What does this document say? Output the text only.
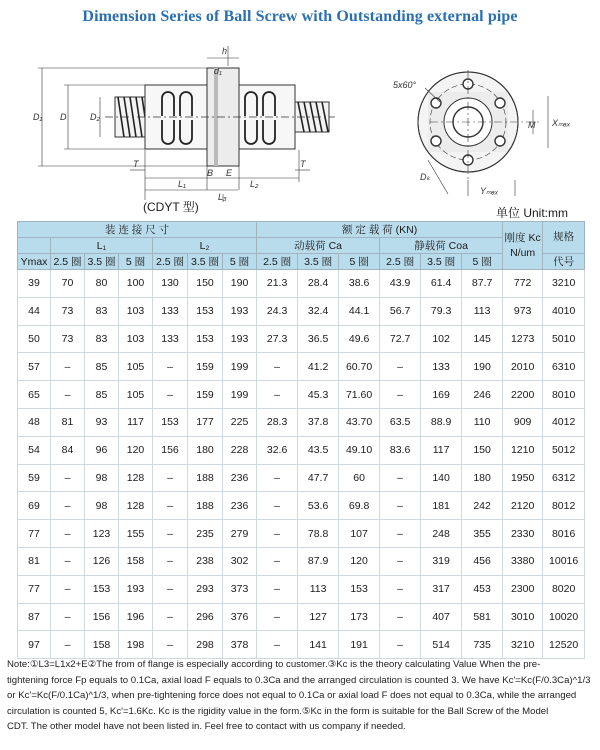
Dimension Series of Ball Screw with Outstanding external pipe
D₁ D	D₂
h
d₁
T	T
B E
L₁	L₂
L₃
5x60°
Xₘₐₓ
M
Dₖ
Yₘₐₓ
(CDYT 型)	单位 Unit:mm
装 连 接 尺 寸							额 定 载 荷 (KN)						刚度 Kc N/um	规格
	L₁			L₂			动载荷 Ca			静载荷 Coa				
Ymax	2.5 圈	3.5 圈	5 圈	2.5 圈	3.5 圈	5 圈	2.5 圈	3.5 圈	5 圈	2.5 圈	3.5 圈	5 圈		代号
39	70	80	100	130	150	190	21.3	28.4	38.6	43.9	61.4	87.7	772	3210
44	73	83	103	133	153	193	24.3	32.4	44.1	56.7	79.3	113	973	4010
50	73	83	103	133	153	193	27.3	36.5	49.6	72.7	102	145	1273	5010
57	–	85	105	–	159	199	–	41.2	60.70	–	133	190	2010	6310
65	–	85	105	–	159	199	–	45.3	71.60	–	169	246	2200	8010
48	81	93	117	153	177	225	28.3	37.8	43.70	63.5	88.9	110	909	4012
54	84	96	120	156	180	228	32.6	43.5	49.10	83.6	117	150	1210	5012
59	–	98	128	–	188	236	–	47.7	60	–	140	180	1950	6312
69	–	98	128	–	188	236	–	53.6	69.8	–	181	242	2120	8012
77	–	123	155	–	235	279	–	78.8	107	–	248	355	2330	8016
81	–	126	158	–	238	302	–	87.9	120	–	319	456	3380	10016
77	–	153	193	–	293	373	–	113	153	–	317	453	2300	8020
87	–	156	196	–	296	376	–	127	173	–	407	581	3010	10020
97	–	158	198	–	298	378	–	141	191	–	514	735	3210	12520
Note:①L3=L1x2+E②The from of flange is especially according to customer.③Kc is the theory calculating Value When the pre-
tightening force Fp equals to 0.1Ca, axial load F equals to 0.3Ca and the arranged circulation is counted 3. We have Kc'=Kc(F/0.3Ca)^1/3
or Kc'=Kc(F/0.1Ca)^1/3, when pre-tightening force does not equal to 0.1Ca or axial load F does not equal to 0.3Ca, while the arranged
circulation is counted 5, Kc'=1.6Kc. Kc is the rigidity value in the form.⑤Kc in the form is suitable for the Ball Screw of the Model
CDT. The other model have not been listed in. Feel free to contact with us company if needed.
